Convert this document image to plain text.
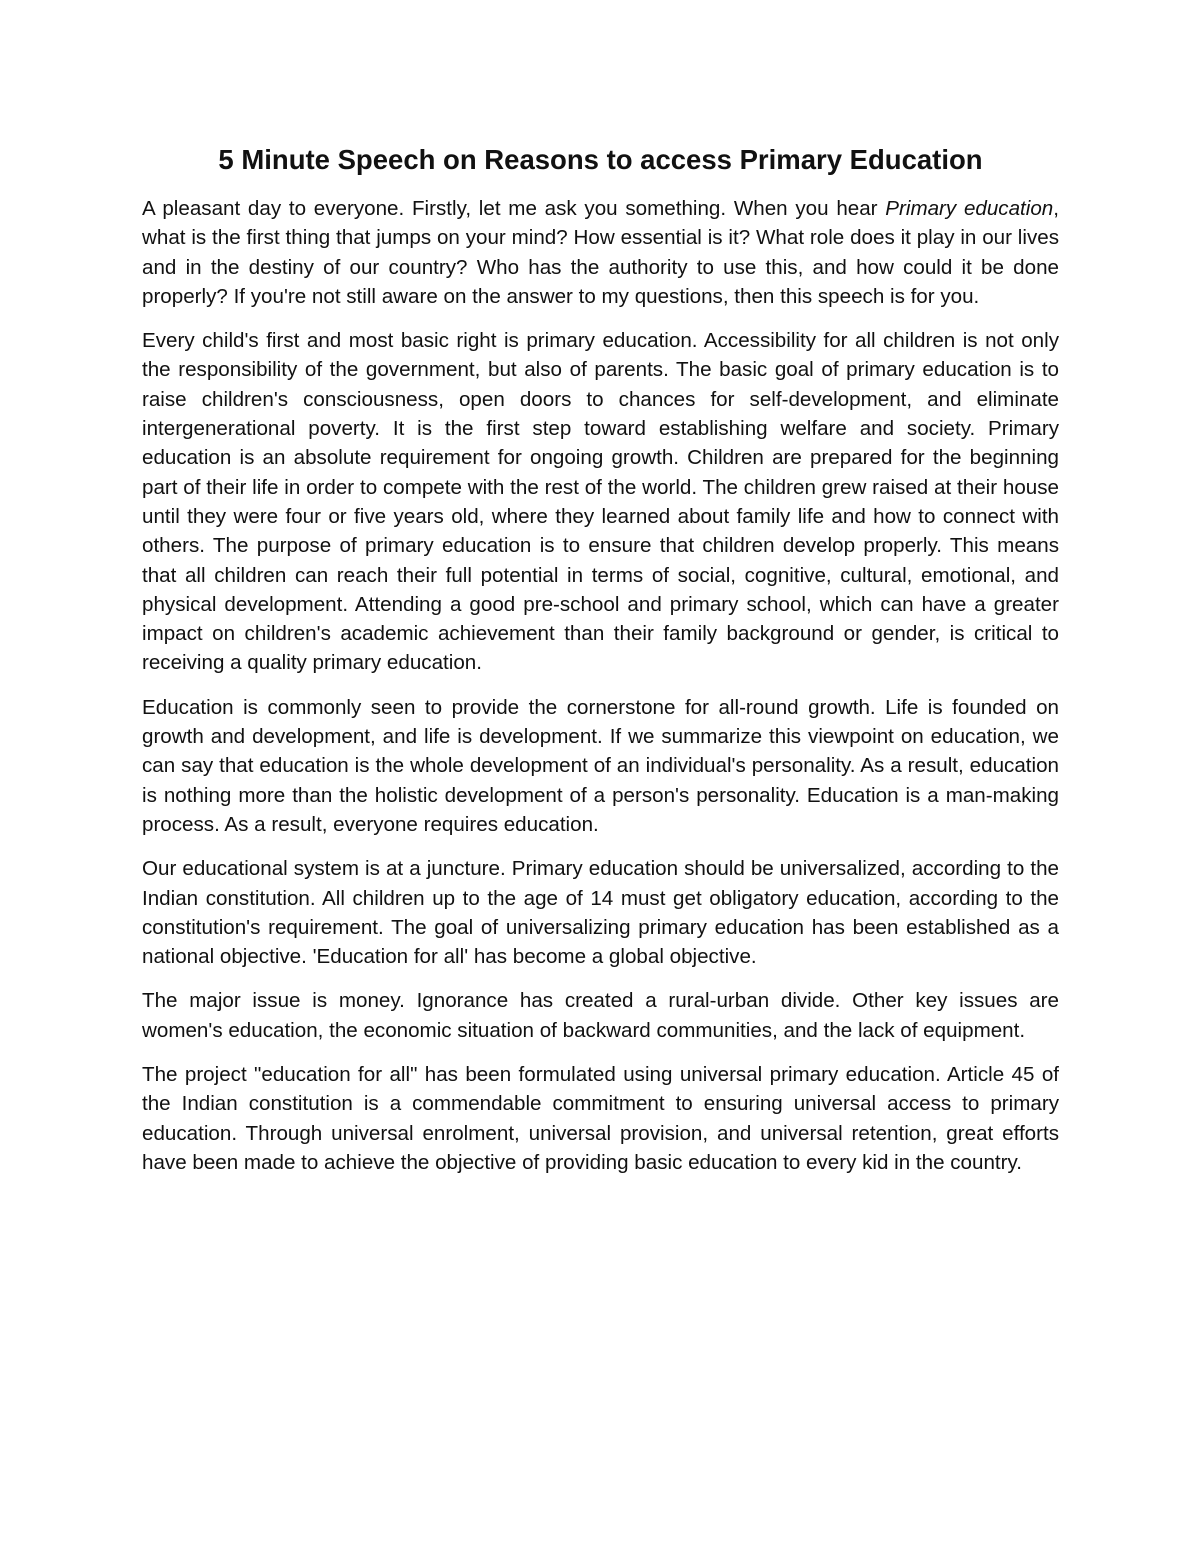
5 Minute Speech on Reasons to access Primary Education

A pleasant day to everyone. Firstly, let me ask you something. When you hear Primary education, what is the first thing that jumps on your mind? How essential is it? What role does it play in our lives and in the destiny of our country? Who has the authority to use this, and how could it be done properly? If you're not still aware on the answer to my questions, then this speech is for you.

Every child's first and most basic right is primary education. Accessibility for all children is not only the responsibility of the government, but also of parents. The basic goal of primary education is to raise children's consciousness, open doors to chances for self-development, and eliminate intergenerational poverty. It is the first step toward establishing welfare and society. Primary education is an absolute requirement for ongoing growth. Children are prepared for the beginning part of their life in order to compete with the rest of the world. The children grew raised at their house until they were four or five years old, where they learned about family life and how to connect with others. The purpose of primary education is to ensure that children develop properly. This means that all children can reach their full potential in terms of social, cognitive, cultural, emotional, and physical development. Attending a good pre-school and primary school, which can have a greater impact on children's academic achievement than their family background or gender, is critical to receiving a quality primary education.

Education is commonly seen to provide the cornerstone for all-round growth. Life is founded on growth and development, and life is development. If we summarize this viewpoint on education, we can say that education is the whole development of an individual's personality. As a result, education is nothing more than the holistic development of a person's personality. Education is a man-making process. As a result, everyone requires education.

Our educational system is at a juncture. Primary education should be universalized, according to the Indian constitution. All children up to the age of 14 must get obligatory education, according to the constitution's requirement. The goal of universalizing primary education has been established as a national objective. 'Education for all' has become a global objective.

The major issue is money. Ignorance has created a rural-urban divide. Other key issues are women's education, the economic situation of backward communities, and the lack of equipment.

The project "education for all" has been formulated using universal primary education. Article 45 of the Indian constitution is a commendable commitment to ensuring universal access to primary education. Through universal enrolment, universal provision, and universal retention, great efforts have been made to achieve the objective of providing basic education to every kid in the country.
